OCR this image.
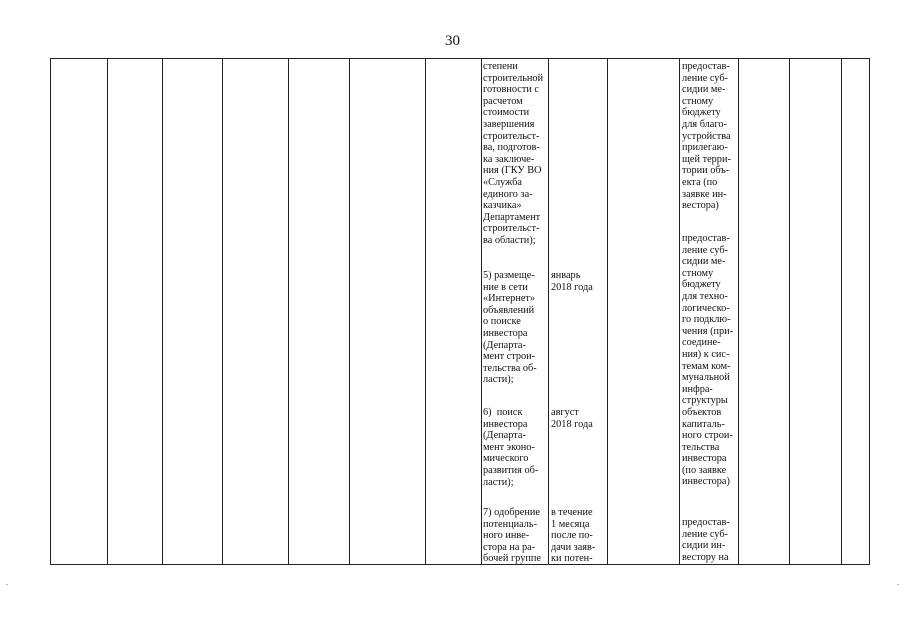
30
степени
строительной
готовности с
расчетом
стоимости
завершения
строительст-
ва, подготов-
ка заключе-
ния (ГКУ ВО
«Служба
единого за-
казчика»
Департамент
строительст-
ва области);
5) размеще-
ние в сети
«Интернет»
объявлений
о поиске
инвестора
(Департа-
мент строи-
тельства об-
ласти);
6)  поиск
инвестора
(Департа-
мент эконо-
мического
развития об-
ласти);
7) одобрение
потенциаль-
ного инве-
стора на ра-
бочей группе
январь
2018 года
август
2018 года
в течение
1 месяца
после по-
дачи заяв-
ки потен-
предостав-
ление суб-
сидии ме-
стному
бюджету
для благо-
устройства
прилегаю-
щей терри-
тории объ-
екта (по
заявке ин-
вестора)
предостав-
ление суб-
сидии ме-
стному
бюджету
для техно-
логическо-
го подклю-
чения (при-
соедине-
ния) к сис-
темам ком-
мунальной
инфра-
структуры
объектов
капиталь-
ного строи-
тельства
инвестора
(по заявке
инвестора)
предостав-
ление суб-
сидии ин-
вестору на
